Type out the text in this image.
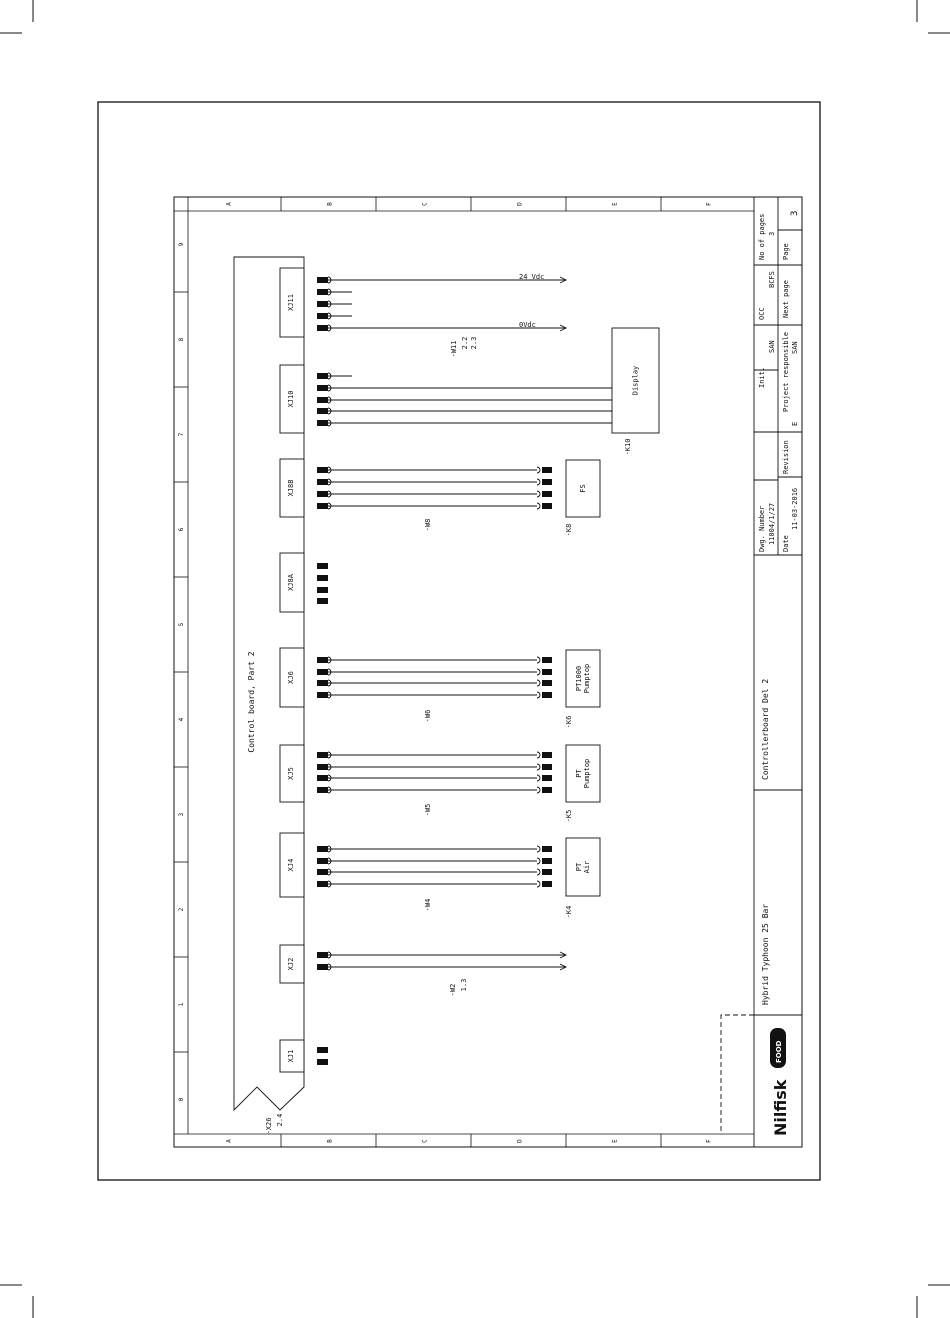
A
A
B
B
C
C
D
D
E
E
F
F
0
1
2
3
4
5
6
7
8
9
Control board, Part 2
XJ1
XJ2
XJ4
XJ5
XJ6
XJ8A
XJ8B
XJ10
XJ11
PT Air
-K4
-W4
PT Pumptop
-K5
-W5
PT1000 Pumptop
-K6
-W6
FS
-K8
-W8
Display
-K10
24 Vdc
0Vdc
-W11 2.2 2.3
-W2 1.3
-X26 2.4
No of pages 3
Page
3
OCC
BCFS
Next page
Init.
SAN Project responsible SAN
Revision
E
Dwg. Number 11004/1/27 Date
11-03-2016
Controllerboard Del 2
Hybrid Typhoon 25 Bar
Nilfisk
FOOD
